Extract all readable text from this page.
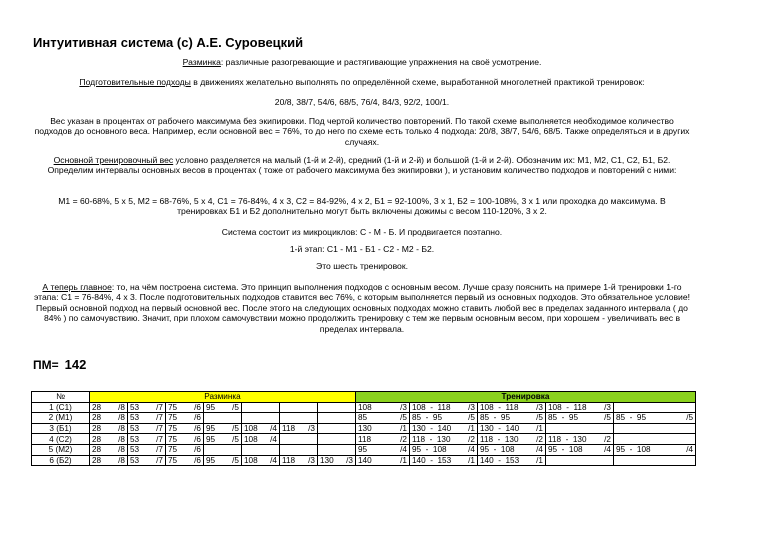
Интуитивная система (с) А.Е. Суровецкий

Разминка: различные разогревающие и растягивающие упражнения на своё усмотрение.

Подготовительные подходы в движениях желательно выполнять по определённой схеме, выработанной многолетней практикой тренировок:

20/8, 38/7, 54/6, 68/5, 76/4, 84/3, 92/2, 100/1.

Вес указан в процентах от рабочего максимума без экипировки. Под чертой количество повторений. По такой схеме выполняется необходимое количество подходов до основного веса. Например, если основной вес = 76%, то до него по схеме есть только 4 подхода: 20/8, 38/7, 54/6, 68/5. Также определяться и в других случаях.

Основной тренировочный вес условно разделяется на малый (1-й и 2-й), средний (1-й и 2-й) и большой (1-й и 2-й). Обозначим их: М1, М2, С1, С2, Б1, Б2. Определим интервалы основных весов в процентах ( тоже от рабочего максимума без экипировки ), и установим количество подходов и повторений с ними:

М1 = 60-68%, 5 х 5, М2 = 68-76%, 5 х 4, С1 = 76-84%, 4 х 3, С2 = 84-92%, 4 х 2, Б1 = 92-100%, 3 х 1, Б2 = 100-108%, 3 х 1 или проходка до максимума. В тренировках Б1 и Б2 дополнительно могут быть включены дожимы с весом 110-120%, 3 х 2.

Система состоит из микроциклов: С - М - Б. И продвигается поэтапно.

1-й этап: С1 - М1 - Б1 - С2 - М2 - Б2.

Это шесть тренировок.

А теперь главное: то, на чём построена система. Это принцип выполнения подходов с основным весом. Лучше сразу пояснить на примере 1-й тренировки 1-го этапа: С1 = 76-84%, 4 х 3. После подготовительных подходов ставится вес 76%, с которым выполняется первый из основных подходов. Это обязательное условие! Первый основной подход на первый основной вес. После этого на следующих основных подходах можно ставить любой вес в пределах заданного интервала ( до 84% ) по самочувствию. Значит, при плохом самочувствии можно продолжить тренировку с тем же первым основным весом, при хорошем - увеличивать вес в пределах интервала.

ПМ= 142
№	Разминка							Тренировка				
1 (С1)	28 /8	53 /7	75 /6	95 /5				108 /3	108  -  118 /3	108  -  118 /3	108  -  118 /3	

2 (М1)	28 /8	53 /7	75 /6					85 /5	85  -  95 /5	85  -  95 /5	85  -  95 /5	85  -  95 /5

3 (Б1)	28 /8	53 /7	75 /6	95 /5	108 /4	118 /3		130 /1	130  -  140 /1	130  -  140 /1		

4 (С2)	28 /8	53 /7	75 /6	95 /5	108 /4			118 /2	118  -  130 /2	118  -  130 /2	118  -  130 /2	

5 (М2)	28 /8	53 /7	75 /6					95 /4	95  -  108 /4	95  -  108 /4	95  -  108 /4	95  -  108 /4

6 (Б2)	28 /8	53 /7	75 /6	95 /5	108 /4	118 /3	130 /3	140 /1	140  -  153 /1	140  -  153 /1		
